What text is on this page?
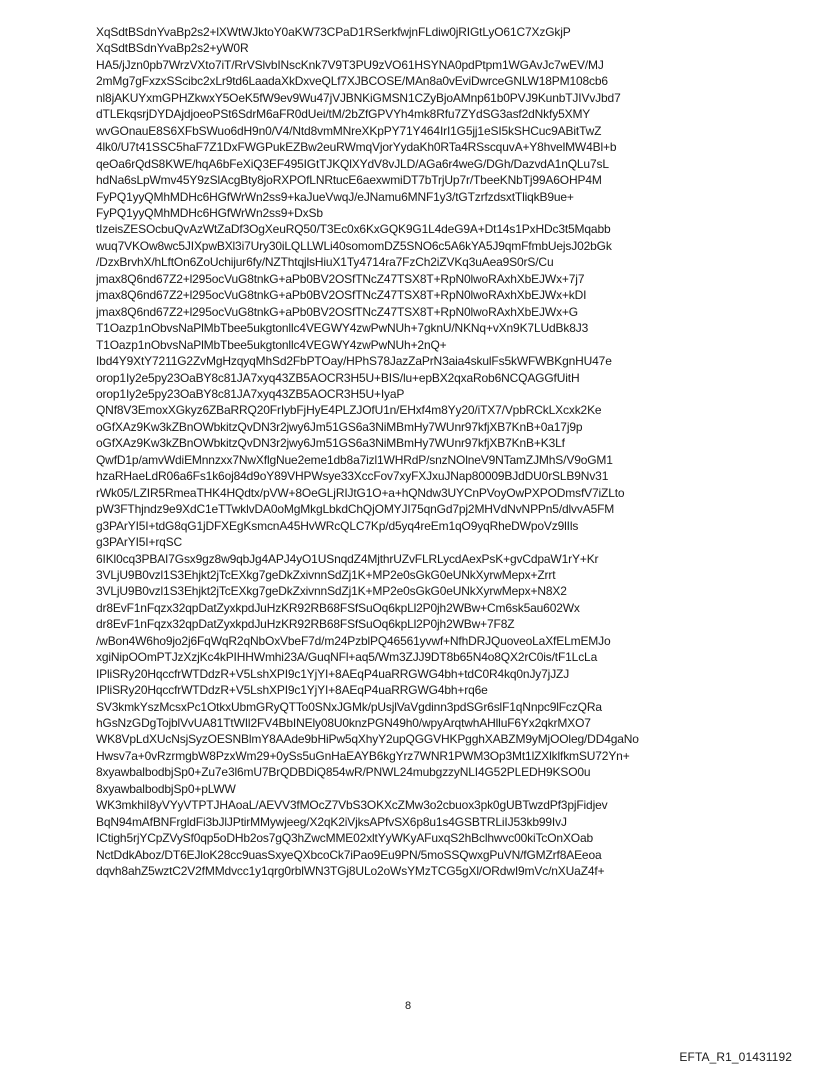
XqSdtBSdnYvaBp2s2+lXWtWJktoY0aKW73CPaD1RSerkfwjnFLdiw0jRIGtLyO61C7XzGkjP
XqSdtBSdnYvaBp2s2+yW0R
HA5/jJzn0pb7WrzVXto7iT/RrVSlvbINscKnk7V9T3PU9zVO61HSYNA0pdPtpm1WGAvJc7wEV/MJ
2mMg7gFxzxSScibc2xLr9td6LaadaXkDxveQLf7XJBCOSE/MAn8a0vEviDwrceGNLW18PM108cb6
nl8jAKUYxmGPHZkwxY5OeK5fW9ev9Wu47jVJBNKiGMSN1CZyBjoAMnp61b0PVJ9KunbTJIVvJbd7
dTLEkqsrjDYDAjdjoeoPSt6SdrM6aFR0dUei/tM/2bZfGPVYh4mk8Rfu7ZYdSG3asf2dNkfy5XMY
wvGOnauE8S6XFbSWuo6dH9n0/V4/Ntd8vmMNreXKpPY71Y464IrI1G5jj1eSI5kSHCuc9ABitTwZ
4lk0/U7t41SSC5haF7Z1DxFWGPukEZBw2euRWmqVjorYydaKh0RTa4RSscquvA+Y8hvelMW4Bl+b
qeOa6rQdS8KWE/hqA6bFeXiQ3EF495IGtTJKQlXYdV8vJLD/AGa6r4weG/DGh/DazvdA1nQLu7sL
hdNa6sLpWmv45Y9zSlAcgBty8joRXPOfLNRtucE6aexwmiDT7bTrjUp7r/TbeeKNbTj99A6OHP4M
FyPQ1yyQMhMDHc6HGfWrWn2ss9+kaJueVwqJ/eJNamu6MNF1y3/tGTzrfzdsxtTliqkB9ue+
FyPQ1yyQMhMDHc6HGfWrWn2ss9+DxSb
tIzeisZESOcbuQvAzWtZaDf3OgXeuRQ50/T3Ec0x6KxGQK9G1L4deG9A+Dt14s1PxHDc3t5Mqabb
wuq7VKOw8wc5JIXpwBXl3i7Ury30iLQLLWLi40somomDZ5SNO6c5A6kYA5J9qmFfmbUejsJ02bGk
/DzxBrvhX/hLftOn6ZoUchijur6fy/NZThtqjlsHiuX1Ty4714ra7FzCh2iZVKq3uAea9S0rS/Cu
jmax8Q6nd67Z2+l295ocVuG8tnkG+aPb0BV2OSfTNcZ47TSX8T+RpN0lwoRAxhXbEJWx+7j7
jmax8Q6nd67Z2+l295ocVuG8tnkG+aPb0BV2OSfTNcZ47TSX8T+RpN0lwoRAxhXbEJWx+kDI
jmax8Q6nd67Z2+l295ocVuG8tnkG+aPb0BV2OSfTNcZ47TSX8T+RpN0lwoRAxhXbEJWx+G
T1Oazp1nObvsNaPlMbTbee5ukgtonllc4VEGWY4zwPwNUh+7gknU/NKNq+vXn9K7LUdBk8J3
T1Oazp1nObvsNaPlMbTbee5ukgtonllc4VEGWY4zwPwNUh+2nQ+
Ibd4Y9XtY7211G2ZvMgHzqyqMhSd2FbPTOay/HPhS78JazZaPrN3aia4skulFs5kWFWBKgnHU47e
orop1Iy2e5py23OaBY8c81JA7xyq43ZB5AOCR3H5U+BIS/lu+epBX2qxaRob6NCQAGGfUitH
orop1Iy2e5py23OaBY8c81JA7xyq43ZB5AOCR3H5U+IyaP
QNf8V3EmoxXGkyz6ZBaRRQ20FrIybFjHyE4PLZJOfU1n/EHxf4m8Yy20/iTX7/VpbRCkLXcxk2Ke
oGfXAz9Kw3kZBnOWbkitzQvDN3r2jwy6Jm51GS6a3NiMBmHy7WUnr97kfjXB7KnB+0a17j9p
oGfXAz9Kw3kZBnOWbkitzQvDN3r2jwy6Jm51GS6a3NiMBmHy7WUnr97kfjXB7KnB+K3Lf
QwfD1p/amvWdiEMnnzxx7NwXflgNue2eme1db8a7izl1WHRdP/snzNOlneV9NTamZJMhS/V9oGM1
hzaRHaeLdR06a6Fs1k6oj84d9oY89VHPWsye33XccFov7xyFXJxuJNap80009BJdDU0rSLB9Nv31
rWk05/LZIR5RmeaTHK4HQdtx/pVW+8OeGLjRIJtG1O+a+hQNdw3UYCnPVoyOwPXPODmsfV7iZLto
pW3FThjndz9e9XdC1eTTwklvDA0oMgMkgLbkdChQjOMYJI75qnGd7pj2MHVdNvNPPn5/dlvvA5FM
g3PArYI5I+tdG8qG1jDFXEgKsmcnA45HvWRcQLC7Kp/d5yq4reEm1qO9yqRheDWpoVz9lIls
g3PArYI5I+rqSC
6IKl0cq3PBAI7Gsx9gz8w9qbJg4APJ4yO1USnqdZ4MjthrUZvFLRLycdAexPsK+gvCdpaW1rY+Kr
3VLjU9B0vzl1S3Ehjkt2jTcEXkg7geDkZxivnnSdZj1K+MP2e0sGkG0eUNkXyrwMepx+Zrrt
3VLjU9B0vzl1S3Ehjkt2jTcEXkg7geDkZxivnnSdZj1K+MP2e0sGkG0eUNkXyrwMepx+N8X2
dr8EvF1nFqzx32qpDatZyxkpdJuHzKR92RB68FSfSuOq6kpLl2P0jh2WBw+Cm6sk5au602Wx
dr8EvF1nFqzx32qpDatZyxkpdJuHzKR92RB68FSfSuOq6kpLl2P0jh2WBw+7F8Z
/wBon4W6ho9jo2j6FqWqR2qNbOxVbeF7d/m24PzblPQ46561yvwf+NfhDRJQuoveoLaXfELmEMJo
xgiNipOOmPTJzXzjKc4kPIHHWmhi23A/GuqNFl+aq5/Wm3ZJJ9DT8b65N4o8QX2rC0is/tF1LcLa
IPliSRy20HqccfrWTDdzR+V5LshXPI9c1YjYI+8AEqP4uaRRGWG4bh+tdC0R4kq0nJy7jJZJ
IPliSRy20HqccfrWTDdzR+V5LshXPI9c1YjYI+8AEqP4uaRRGWG4bh+rq6e
SV3kmkYszMcsxPc1OtkxUbmGRyQTTo0SNxJGMk/pUsjlVaVgdinn3pdSGr6slF1qNnpc9lFczQRa
hGsNzGDgTojblVvUA81TtWIl2FV4BbINEly08U0knzPGN49h0/wpyArqtwhAHlluF6Yx2qkrMXO7
WK8VpLdXUcNsjSyzOESNBlmY8AAde9bHiPw5qXhyY2upQGGVHKPgghXABZM9yMjOOleg/DD4gaNo
Hwsv7a+0vRzrmgbW8PzxWm29+0ySs5uGnHaEAYB6kgYrz7WNR1PWM3Op3Mt1lZXlklfkmSU72Yn+
8xyawbalbodbjSp0+Zu7e3l6mU7BrQDBDiQ854wR/PNWL24mubgzzyNLI4G52PLEDH9KSO0u
8xyawbalbodbjSp0+pLWW
WK3mkhiI8yVYyVTPTJHAoaL/AEVV3fMOcZ7VbS3OKXcZMw3o2cbuox3pk0gUBTwzdPf3pjFidjev
BqN94mAfBNFrgldFi3bJlJPtirMMywjeeg/X2qK2iVjksAPfvSX6p8u1s4GSBTRLiIJ53kb99IvJ
ICtigh5rjYCpZVySf0qp5oDHb2os7gQ3hZwcMME02xltYyWKyAFuxqS2hBclhwvc00kiTcOnXOab
NctDdkAboz/DT6EJloK28cc9uasSxyeQXbcoCk7iPao9Eu9PN/5moSSQwxgPuVN/fGMZrf8AEeoa
dqvh8ahZ5wztC2V2fMMdvcc1y1qrg0rblWN3TGj8ULo2oWsYMzTCG5gXl/ORdwI9mVc/nXUaZ4f+
8
EFTA_R1_01431192
